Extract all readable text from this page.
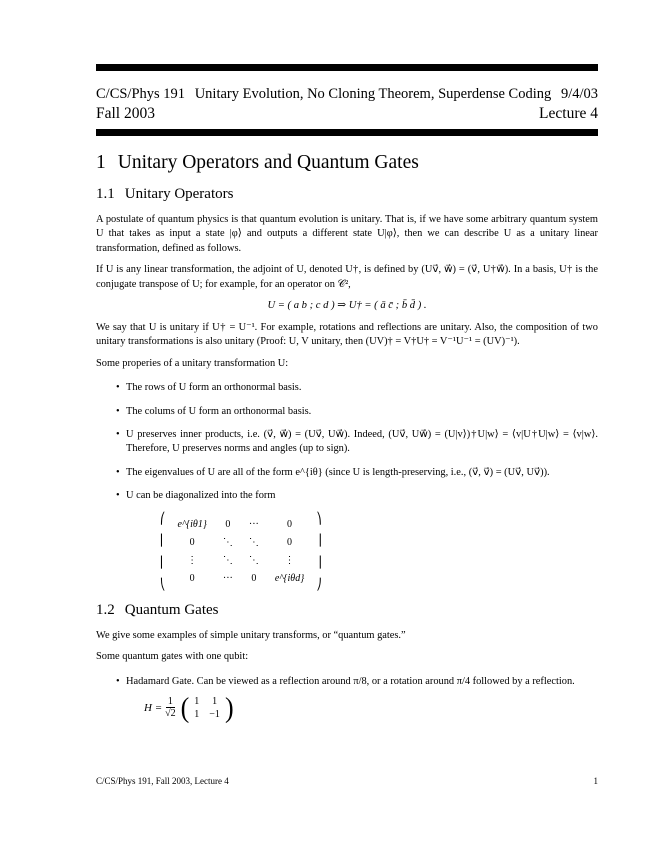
C/CS/Phys 191 Unitary Evolution, No Cloning Theorem, Superdense Coding 9/4/03
Fall 2003	Lecture 4
1 Unitary Operators and Quantum Gates
1.1 Unitary Operators

A postulate of quantum physics is that quantum evolution is unitary. That is, if we have some arbitrary quantum system U that takes as input a state |φ⟩ and outputs a different state U|φ⟩, then we can describe U as a unitary linear transformation, defined as follows.

If U is any linear transformation, the adjoint of U, denoted U†, is defined by (Uv⃗, w⃗) = (v⃗, U†w⃗). In a basis, U† is the conjugate transpose of U; for example, for an operator on 𝒞²,

U = ( a b ; c d ) ⇒ U† = ( ā c̄ ; b̄ d̄ ) .

We say that U is unitary if U† = U⁻¹. For example, rotations and reflections are unitary. Also, the composition of two unitary transformations is also unitary (Proof: U, V unitary, then (UV)† = V†U† = V⁻¹U⁻¹ = (UV)⁻¹).

Some properies of a unitary transformation U:

• The rows of U form an orthonormal basis.
• The colums of U form an orthonormal basis.
• U preserves inner products, i.e. (v⃗, w⃗) = (Uv⃗, Uw⃗). Indeed, (Uv⃗, Uw⃗) = (U|v⟩)†U|w⟩ = ⟨v|U†U|w⟩ = ⟨v|w⟩. Therefore, U preserves norms and angles (up to sign).
• The eigenvalues of U are all of the form e^{iθ} (since U is length-preserving, i.e., (v⃗, v⃗) = (Uv⃗, Uv⃗)).
• U can be diagonalized into the form
⎛
⎜
⎜
⎝
e^{iθ1}	0	···	0
0	⋱	⋱	0
⋮	⋱	⋱	⋮
0	···	0	e^{iθd}
⎞
⎟
⎟
⎠
1.2 Quantum Gates

We give some examples of simple unitary transforms, or “quantum gates.”

Some quantum gates with one qubit:

• Hadamard Gate. Can be viewed as a reflection around π/8, or a rotation around π/4 followed by a reflection.
$H = \frac{1}{√2}$ ( 1	1
1	−1 )
C/CS/Phys 191, Fall 2003, Lecture 4	1
